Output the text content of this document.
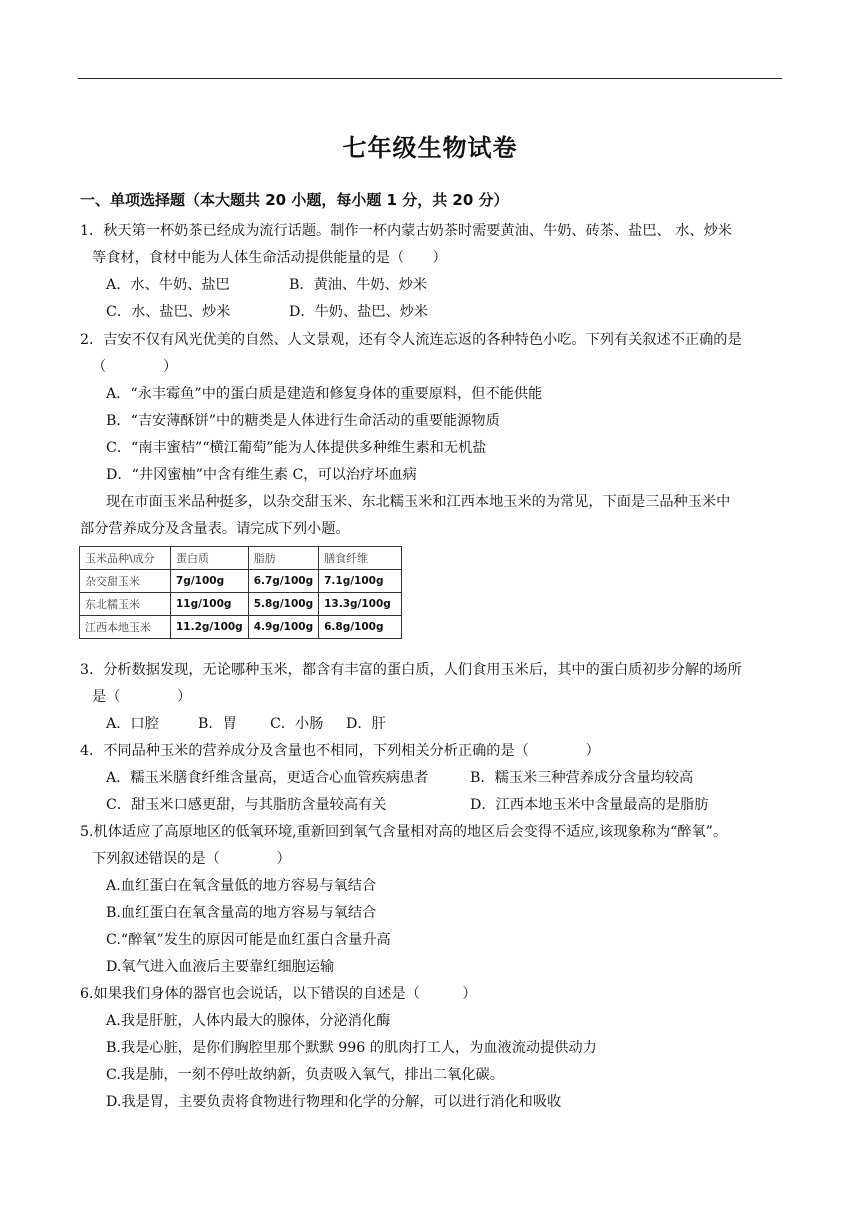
七年级生物试卷
一、单项选择题（本大题共 20 小题，每小题 1 分，共 20 分）
1．秋天第一杯奶茶已经成为流行话题。制作一杯内蒙古奶茶时需要黄油、牛奶、砖茶、盐巴、 水、炒米
等食材，食材中能为人体生命活动提供能量的是（　　）
A．水、牛奶、盐巴	B．黄油、牛奶、炒米
C．水、盐巴、炒米	D．牛奶、盐巴、炒米
2．吉安不仅有风光优美的自然、人文景观，还有令人流连忘返的各种特色小吃。下列有关叙述不正确的是
（　　　　）
A．“永丰霉鱼”中的蛋白质是建造和修复身体的重要原料，但不能供能
B．“吉安薄酥饼”中的糖类是人体进行生命活动的重要能源物质
C．“南丰蜜桔”“横江葡萄”能为人体提供多种维生素和无机盐
D．“井冈蜜柚”中含有维生素 C，可以治疗坏血病
现在市面玉米品种挺多，以杂交甜玉米、东北糯玉米和江西本地玉米的为常见，下面是三品种玉米中
部分营养成分及含量表。请完成下列小题。
玉米品种\成分	蛋白质	脂肪	膳食纤维
杂交甜玉米	7g/100g	6.7g/100g	7.1g/100g
东北糯玉米	11g/100g	5.8g/100g	13.3g/100g
江西本地玉米	11.2g/100g	4.9g/100g	6.8g/100g
3．分析数据发现，无论哪种玉米，都含有丰富的蛋白质，人们食用玉米后，其中的蛋白质初步分解的场所
是（　　　　）
A．口腔	B．胃 C．小肠 D．肝
4．不同品种玉米的营养成分及含量也不相同，下列相关分析正确的是（　　　　）
A．糯玉米膳食纤维含量高，更适合心血管疾病患者	B．糯玉米三种营养成分含量均较高
C．甜玉米口感更甜，与其脂肪含量较高有关	D．江西本地玉米中含量最高的是脂肪
5.机体适应了高原地区的低氧环境,重新回到氧气含量相对高的地区后会变得不适应,该现象称为“醉氧”。
下列叙述错误的是（　　　　）
A.血红蛋白在氧含量低的地方容易与氧结合
B.血红蛋白在氧含量高的地方容易与氧结合
C.“醉氧”发生的原因可能是血红蛋白含量升高
D.氧气进入血液后主要靠红细胞运输
6.如果我们身体的器官也会说话，以下错误的自述是（　　　）
A.我是肝脏，人体内最大的腺体，分泌消化酶
B.我是心脏，是你们胸腔里那个默默 996 的肌肉打工人，为血液流动提供动力
C.我是肺，一刻不停吐故纳新，负责吸入氧气，排出二氧化碳。
D.我是胃，主要负责将食物进行物理和化学的分解，可以进行消化和吸收
